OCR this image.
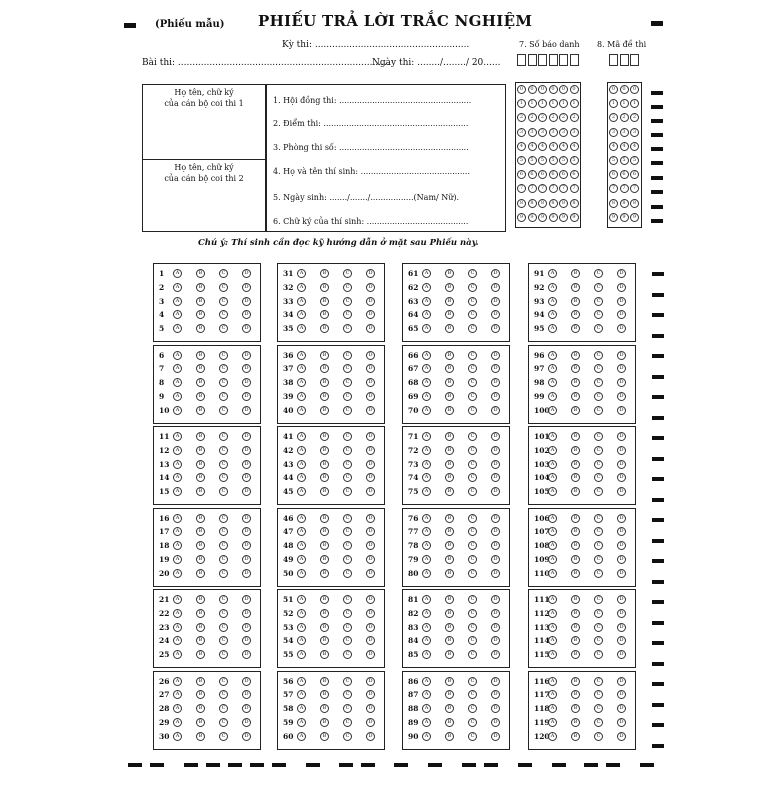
(Phiếu mẫu) PHIẾU TRẢ LỜI TRẮC NGHIỆM
Kỳ thi: ......................................................
Bài thi: ..........................................................................
Ngày thi: ......../......../ 20......
7. Số báo danh 8. Mã đề thi
0	0	0	0	0	0
1	1	1	1	1	1
2	2	2	2	2	2
3	3	3	3	3	3
4	4	4	4	4	4
5	5	5	5	5	5
6	6	6	6	6	6
7	7	7	7	7	7
8	8	8	8	8	8
9	9	9	9	9	9
0	0	0
1	1	1
2	2	2
3	3	3
4	4	4
5	5	5
6	6	6
7	7	7
8	8	8
9	9	9
Họ tên, chữ ký
của cán bộ coi thi 1
Họ tên, chữ ký
của cán bộ coi thi 2
1. Hội đồng thi: ....................................................
2. Điểm thi: .........................................................
3. Phòng thi số: ...................................................
4. Họ và tên thí sinh: ...........................................
5. Ngày sinh: ......./......./.................(Nam/ Nữ).
6. Chữ ký của thí sinh: ........................................
Chú ý: Thí sinh cần đọc kỹ hướng dẫn ở mặt sau Phiếu này.
1	A	B	C	D
2	A	B	C	D
3	A	B	C	D
4	A	B	C	D
5	A	B	C	D
6	A	B	C	D
7	A	B	C	D
8	A	B	C	D
9	A	B	C	D
10	A	B	C	D
11	A	B	C	D
12	A	B	C	D
13	A	B	C	D
14	A	B	C	D
15	A	B	C	D
16	A	B	C	D
17	A	B	C	D
18	A	B	C	D
19	A	B	C	D
20	A	B	C	D
21	A	B	C	D
22	A	B	C	D
23	A	B	C	D
24	A	B	C	D
25	A	B	C	D
26	A	B	C	D
27	A	B	C	D
28	A	B	C	D
29	A	B	C	D
30	A	B	C	D
31	A	B	C	D
32	A	B	C	D
33	A	B	C	D
34	A	B	C	D
35	A	B	C	D
36	A	B	C	D
37	A	B	C	D
38	A	B	C	D
39	A	B	C	D
40	A	B	C	D
41	A	B	C	D
42	A	B	C	D
43	A	B	C	D
44	A	B	C	D
45	A	B	C	D
46	A	B	C	D
47	A	B	C	D
48	A	B	C	D
49	A	B	C	D
50	A	B	C	D
51	A	B	C	D
52	A	B	C	D
53	A	B	C	D
54	A	B	C	D
55	A	B	C	D
56	A	B	C	D
57	A	B	C	D
58	A	B	C	D
59	A	B	C	D
60	A	B	C	D
61	A	B	C	D
62	A	B	C	D
63	A	B	C	D
64	A	B	C	D
65	A	B	C	D
66	A	B	C	D
67	A	B	C	D
68	A	B	C	D
69	A	B	C	D
70	A	B	C	D
71	A	B	C	D
72	A	B	C	D
73	A	B	C	D
74	A	B	C	D
75	A	B	C	D
76	A	B	C	D
77	A	B	C	D
78	A	B	C	D
79	A	B	C	D
80	A	B	C	D
81	A	B	C	D
82	A	B	C	D
83	A	B	C	D
84	A	B	C	D
85	A	B	C	D
86	A	B	C	D
87	A	B	C	D
88	A	B	C	D
89	A	B	C	D
90	A	B	C	D
91	A	B	C	D
92	A	B	C	D
93	A	B	C	D
94	A	B	C	D
95	A	B	C	D
96	A	B	C	D
97	A	B	C	D
98	A	B	C	D
99	A	B	C	D
100 A	B	C	D
101 A	B	C	D
102 A	B	C	D
103 A	B	C	D
104 A	B	C	D
105 A	B	C	D
106 A	B	C	D
107 A	B	C	D
108 A	B	C	D
109 A	B	C	D
110 A	B	C	D
111 A	B	C	D
112 A	B	C	D
113 A	B	C	D
114 A	B	C	D
115 A	B	C	D
116 A	B	C	D
117 A	B	C	D
118 A	B	C	D
119 A	B	C	D
120 A	B	C	D
